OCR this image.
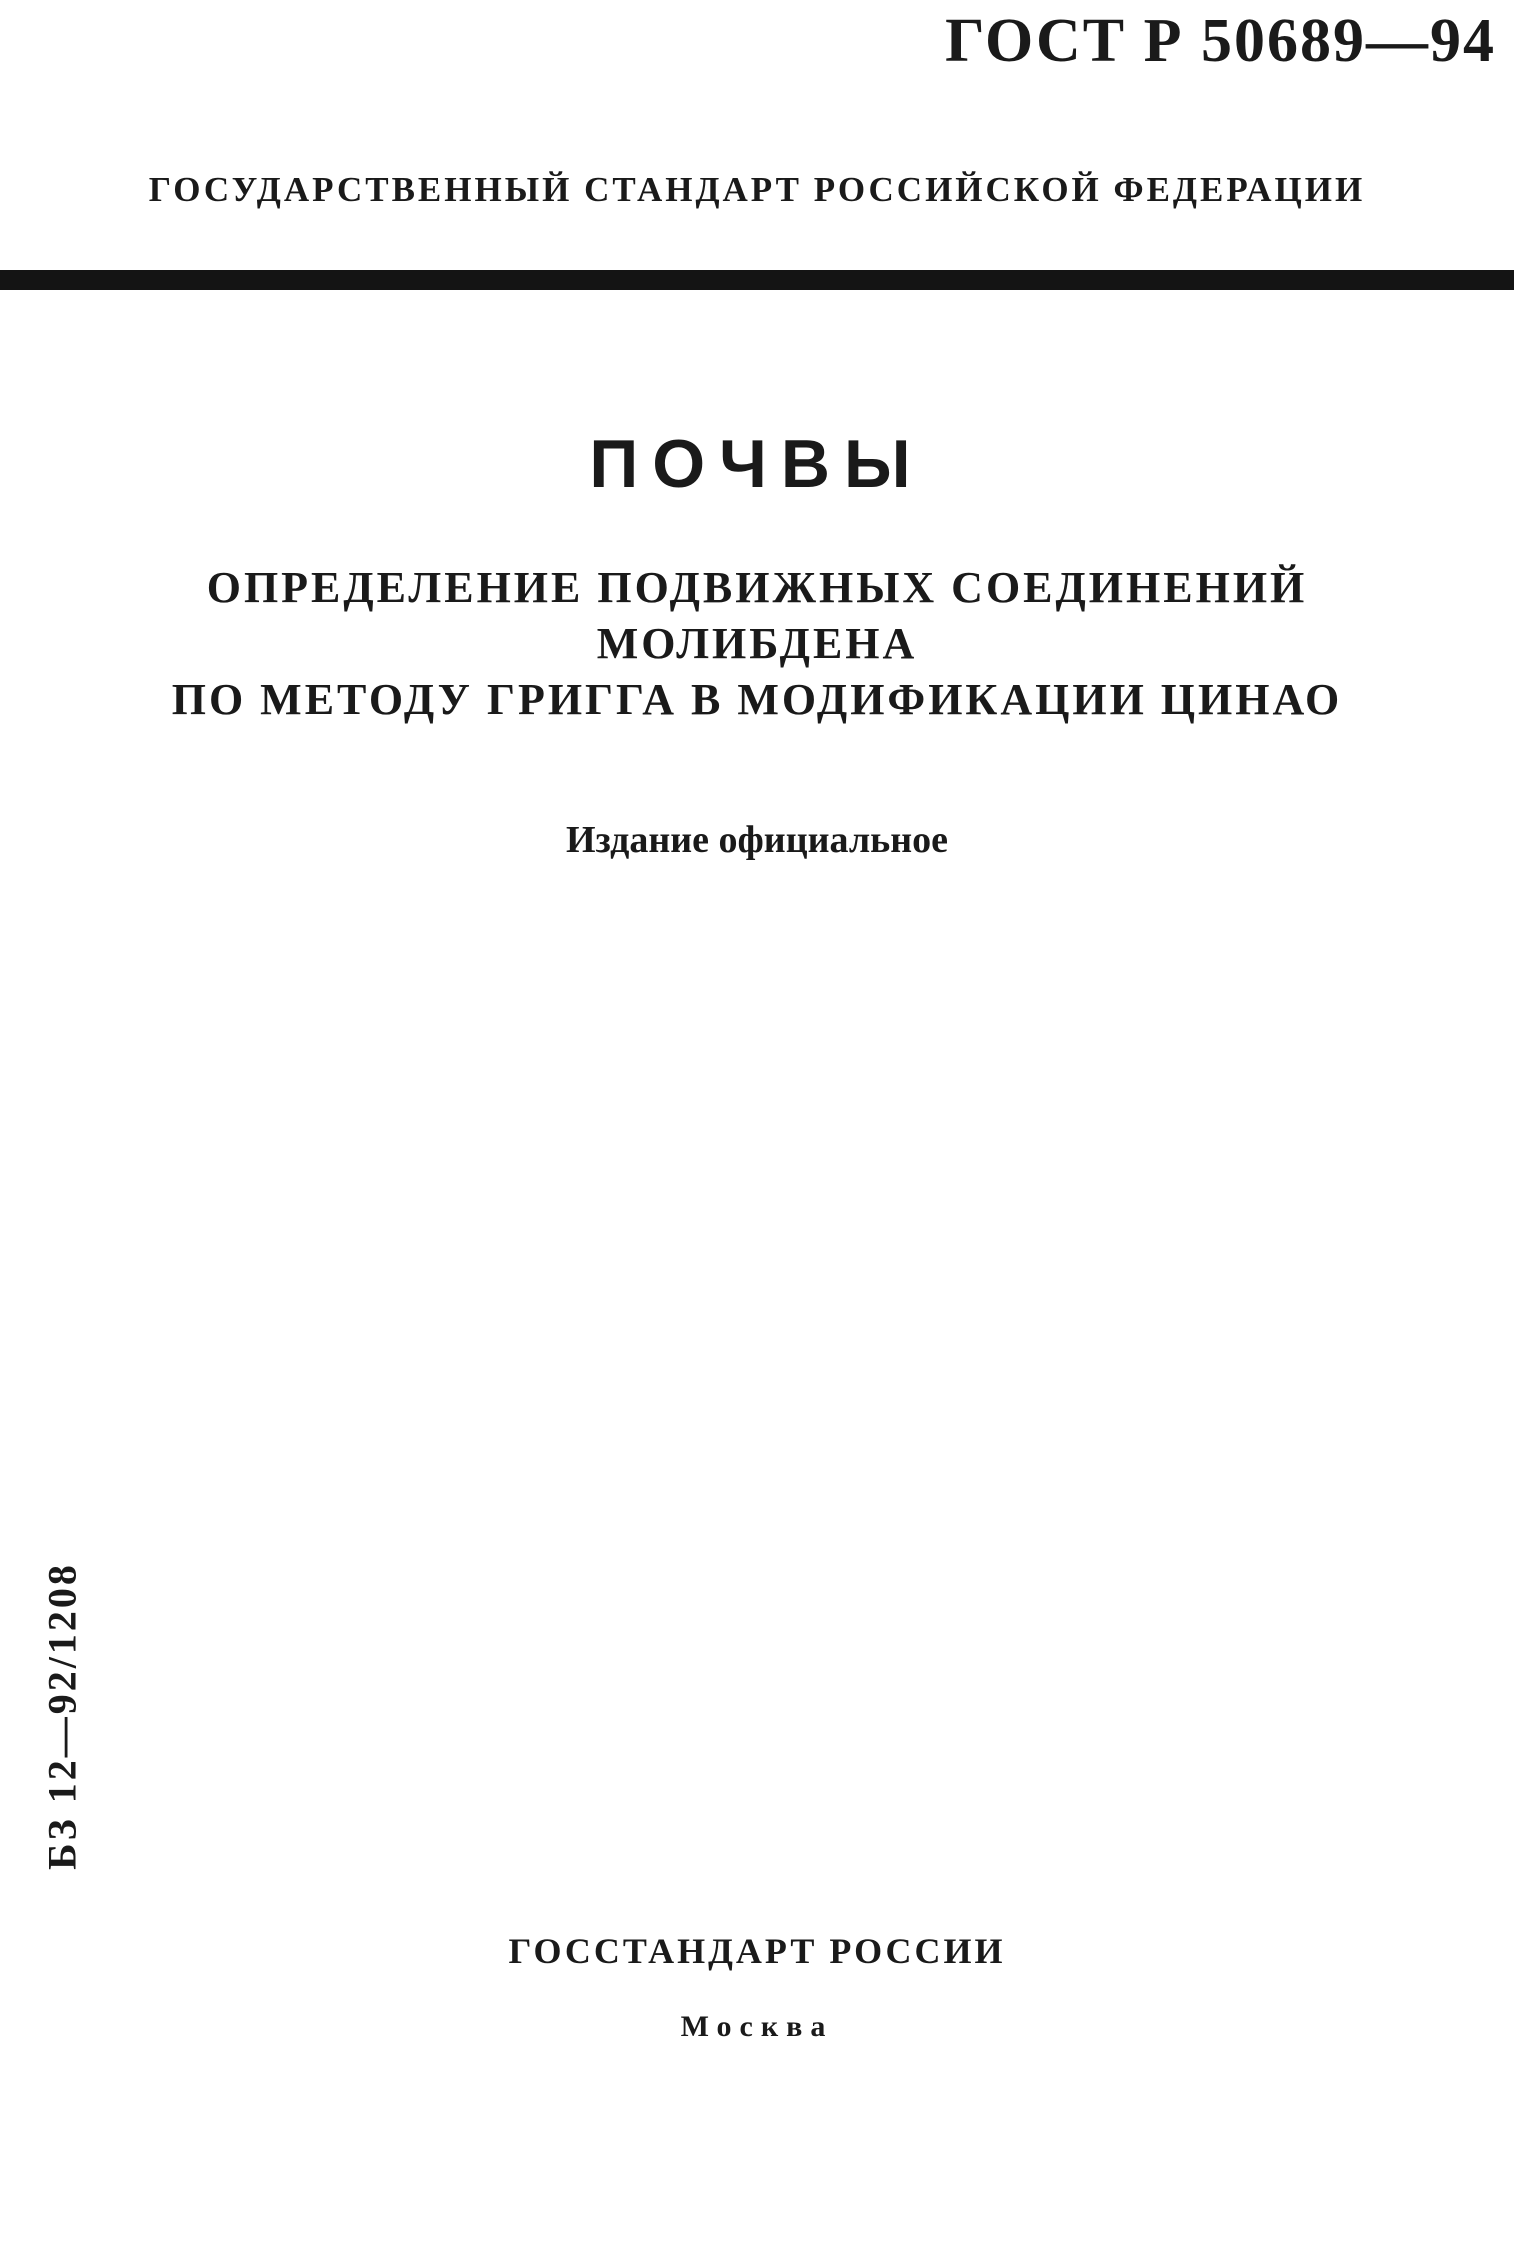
ГОСТ Р 50689—94
ГОСУДАРСТВЕННЫЙ СТАНДАРТ РОССИЙСКОЙ ФЕДЕРАЦИИ
ПОЧВЫ
ОПРЕДЕЛЕНИЕ ПОДВИЖНЫХ СОЕДИНЕНИЙ
МОЛИБДЕНА
ПО МЕТОДУ ГРИГГА В МОДИФИКАЦИИ ЦИНАО
Издание официальное
БЗ 12—92/1208
ГОССТАНДАРТ РОССИИ
Москва
